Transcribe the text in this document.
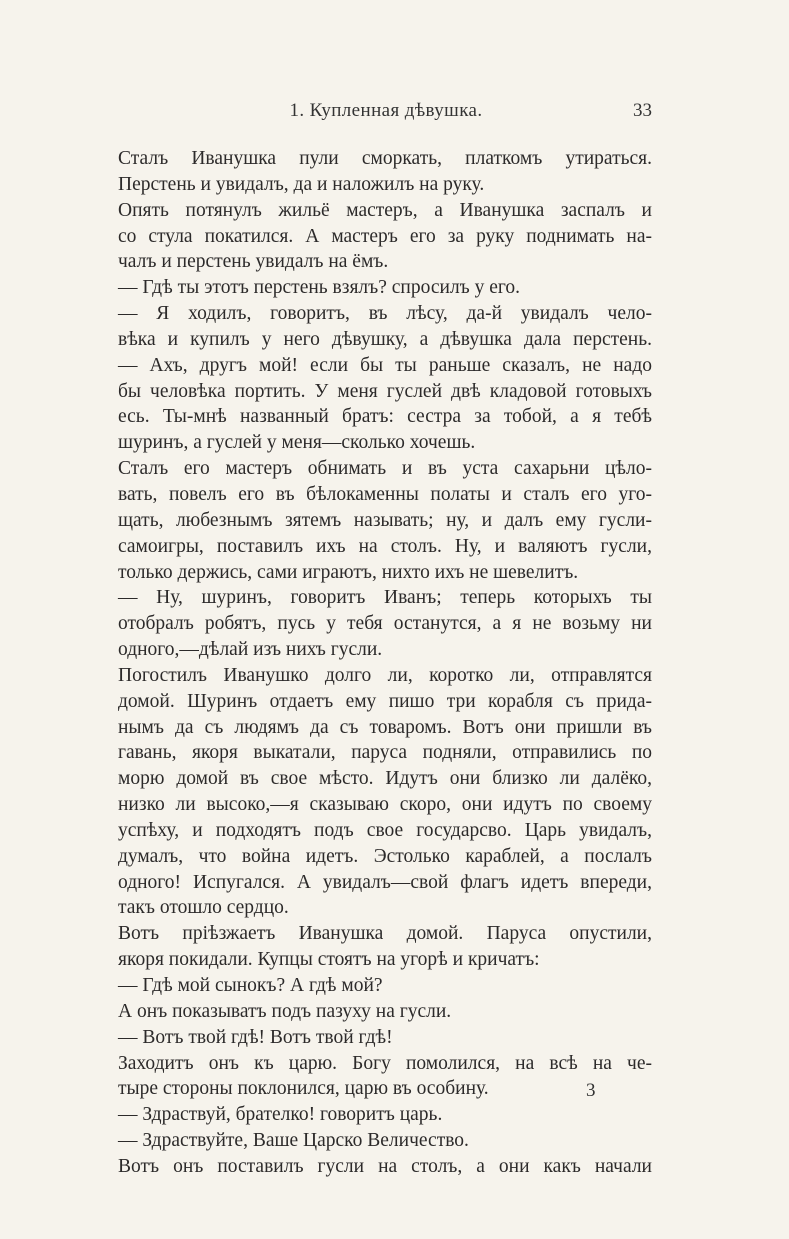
1. Купленная дѣвушка.	33
Сталъ Иванушка пули сморкать, платкомъ утираться.
Перстень и увидалъ, да и наложилъ на руку.
Опять потянулъ жильё мастеръ, а Иванушка заспалъ и
со стула покатился. А мастеръ его за руку поднимать на-
чалъ и перстень увидалъ на ёмъ.
— Гдѣ ты этотъ перстень взялъ? спросилъ у его.
— Я ходилъ, говоритъ, въ лѣсу, да-й увидалъ чело-
вѣка и купилъ у него дѣвушку, а дѣвушка дала перстень.
— Ахъ, другъ мой! если бы ты раньше сказалъ, не надо
бы человѣка портить. У меня гуслей двѣ кладовой готовыхъ
есь. Ты-мнѣ названный братъ: сестра за тобой, а я тебѣ
шуринъ, а гуслей у меня—сколько хочешь.
Сталъ его мастеръ обнимать и въ уста сахарьни цѣло-
вать, повелъ его въ бѣлокаменны полаты и сталъ его уго-
щать, любезнымъ зятемъ называть; ну, и далъ ему гусли-
самоигры, поставилъ ихъ на столъ. Ну, и валяютъ гусли,
только держись, сами играютъ, нихто ихъ не шевелитъ.
— Ну, шуринъ, говоритъ Иванъ; теперь которыхъ ты
отобралъ робятъ, пусь у тебя останутся, а я не возьму ни
одного,—дѣлай изъ нихъ гусли.
Погостилъ Иванушко долго ли, коротко ли, отправлятся
домой. Шуринъ отдаетъ ему пишо три корабля съ прида-
нымъ да съ людямъ да съ товаромъ. Вотъ они пришли въ
гавань, якоря выкатали, паруса подняли, отправились по
морю домой въ свое мѣсто. Идутъ они близко ли далёко,
низко ли высоко,—я сказываю скоро, они идутъ по своему
успѣху, и подходятъ подъ свое государсво. Царь увидалъ,
думалъ, что война идетъ. Эстолько караблей, а послалъ
одного! Испугался. А увидалъ—свой флагъ идетъ впереди,
такъ отошло сердцо.
Вотъ прiѣзжаетъ Иванушка домой. Паруса опустили,
якоря покидали. Купцы стоятъ на угорѣ и кричатъ:
— Гдѣ мой сынокъ? А гдѣ мой?
А онъ показыватъ подъ пазуху на гусли.
— Вотъ твой гдѣ! Вотъ твой гдѣ!
Заходитъ онъ къ царю. Богу помолился, на всѣ на че-
тыре стороны поклонился, царю въ особину.
— Здраствуй, брателко! говоритъ царь.
— Здраствуйте, Ваше Царско Величество.
Вотъ онъ поставилъ гусли на столъ, а они какъ начали
3
